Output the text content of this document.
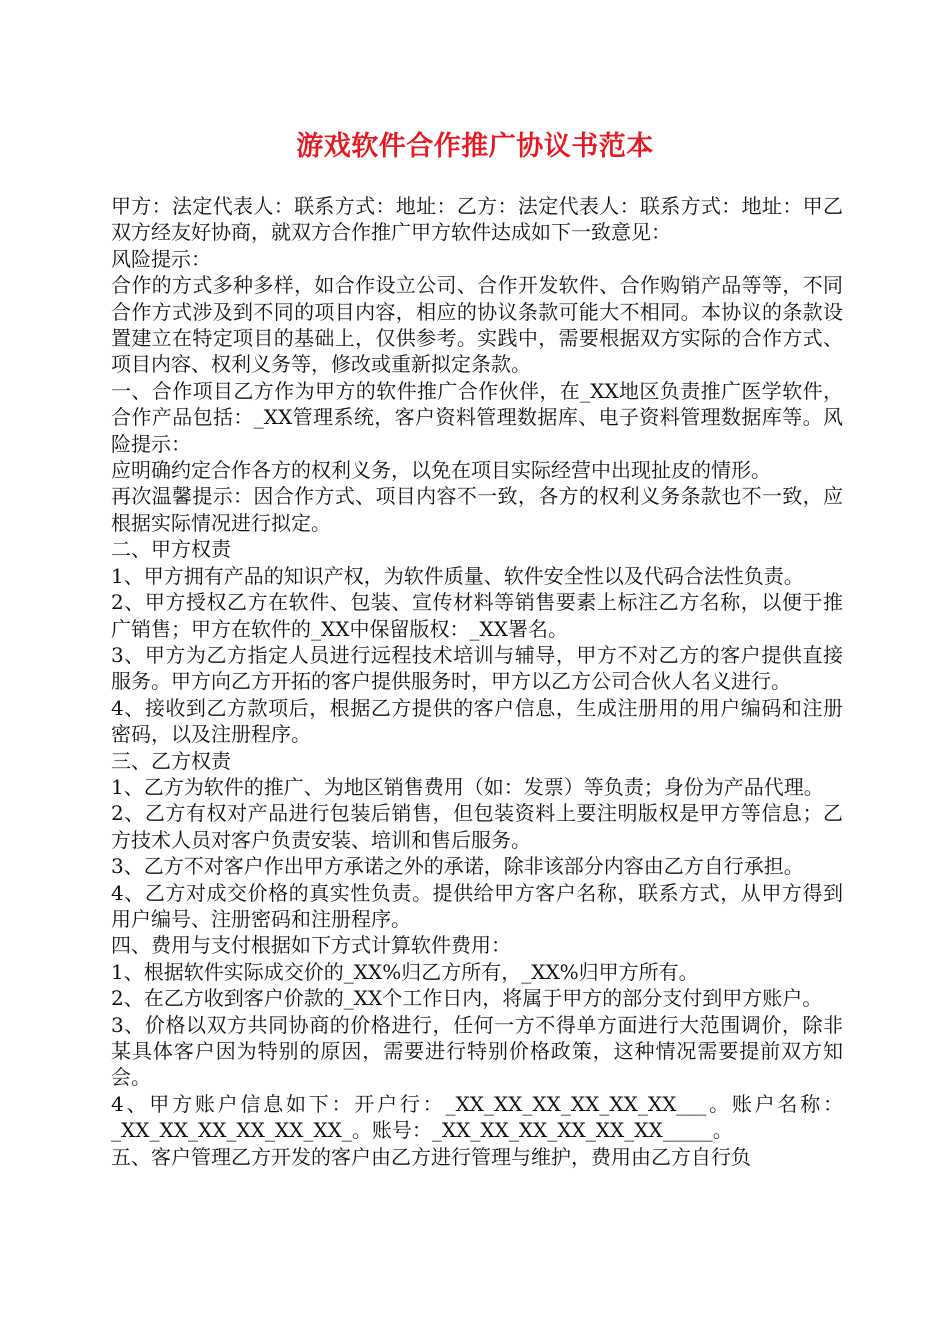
游戏软件合作推广协议书范本

甲方：法定代表人：联系方式：地址：乙方：法定代表人：联系方式：地址：甲乙双方经友好协商，就双方合作推广甲方软件达成如下一致意见：

风险提示：

合作的方式多种多样，如合作设立公司、合作开发软件、合作购销产品等等，不同合作方式涉及到不同的项目内容，相应的协议条款可能大不相同。本协议的条款设置建立在特定项目的基础上，仅供参考。实践中，需要根据双方实际的合作方式、项目内容、权利义务等，修改或重新拟定条款。

一、合作项目乙方作为甲方的软件推广合作伙伴，在_XX地区负责推广医学软件，合作产品包括：_XX管理系统，客户资料管理数据库、电子资料管理数据库等。风险提示：

应明确约定合作各方的权利义务，以免在项目实际经营中出现扯皮的情形。

再次温馨提示：因合作方式、项目内容不一致，各方的权利义务条款也不一致，应根据实际情况进行拟定。

二、甲方权责

1、甲方拥有产品的知识产权，为软件质量、软件安全性以及代码合法性负责。

2、甲方授权乙方在软件、包装、宣传材料等销售要素上标注乙方名称，以便于推广销售；甲方在软件的_XX中保留版权：_XX署名。

3、甲方为乙方指定人员进行远程技术培训与辅导，甲方不对乙方的客户提供直接服务。甲方向乙方开拓的客户提供服务时，甲方以乙方公司合伙人名义进行。

4、接收到乙方款项后，根据乙方提供的客户信息，生成注册用的用户编码和注册密码，以及注册程序。

三、乙方权责

1、乙方为软件的推广、为地区销售费用（如：发票）等负责；身份为产品代理。

2、乙方有权对产品进行包装后销售，但包装资料上要注明版权是甲方等信息；乙方技术人员对客户负责安装、培训和售后服务。

3、乙方不对客户作出甲方承诺之外的承诺，除非该部分内容由乙方自行承担。

4、乙方对成交价格的真实性负责。提供给甲方客户名称，联系方式，从甲方得到用户编号、注册密码和注册程序。

四、费用与支付根据如下方式计算软件费用：

1、根据软件实际成交价的_XX%归乙方所有，_XX%归甲方所有。

2、在乙方收到客户价款的_XX个工作日内，将属于甲方的部分支付到甲方账户。

3、价格以双方共同协商的价格进行，任何一方不得单方面进行大范围调价，除非某具体客户因为特别的原因，需要进行特别价格政策，这种情况需要提前双方知会。

4、甲方账户信息如下：开户行：_XX_XX_XX_XX_XX_XX___。账户名称：_XX_XX_XX_XX_XX_XX_。账号：_XX_XX_XX_XX_XX_XX_____。

五、客户管理乙方开发的客户由乙方进行管理与维护，费用由乙方自行负
